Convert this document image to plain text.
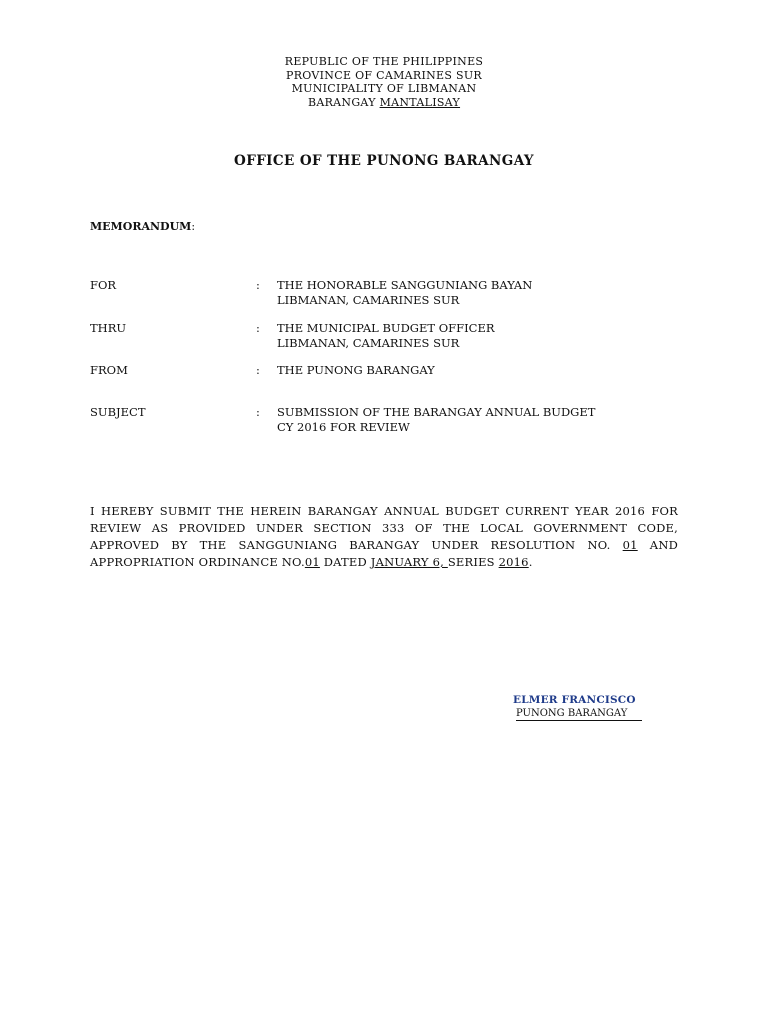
REPUBLIC OF THE PHILIPPINES
PROVINCE OF CAMARINES SUR
MUNICIPALITY OF LIBMANAN
BARANGAY MANTALISAY
OFFICE OF THE PUNONG BARANGAY
MEMORANDUM:
FOR	: THE HONORABLE SANGGUNIANG BAYAN
LIBMANAN, CAMARINES SUR
THRU	: THE MUNICIPAL BUDGET OFFICER
LIBMANAN, CAMARINES SUR
FROM	: THE PUNONG BARANGAY
SUBJECT	: SUBMISSION OF THE BARANGAY ANNUAL BUDGET
CY 2016 FOR REVIEW
I HEREBY SUBMIT THE HEREIN BARANGAY ANNUAL BUDGET CURRENT YEAR 2016 FOR REVIEW AS PROVIDED UNDER SECTION 333 OF THE LOCAL GOVERNMENT CODE, APPROVED BY THE SANGGUNIANG BARANGAY UNDER RESOLUTION NO. 01 AND APPROPRIATION ORDINANCE NO.01 DATED JANUARY 6, SERIES 2016.
ELMER FRANCISCO
PUNONG BARANGAY
